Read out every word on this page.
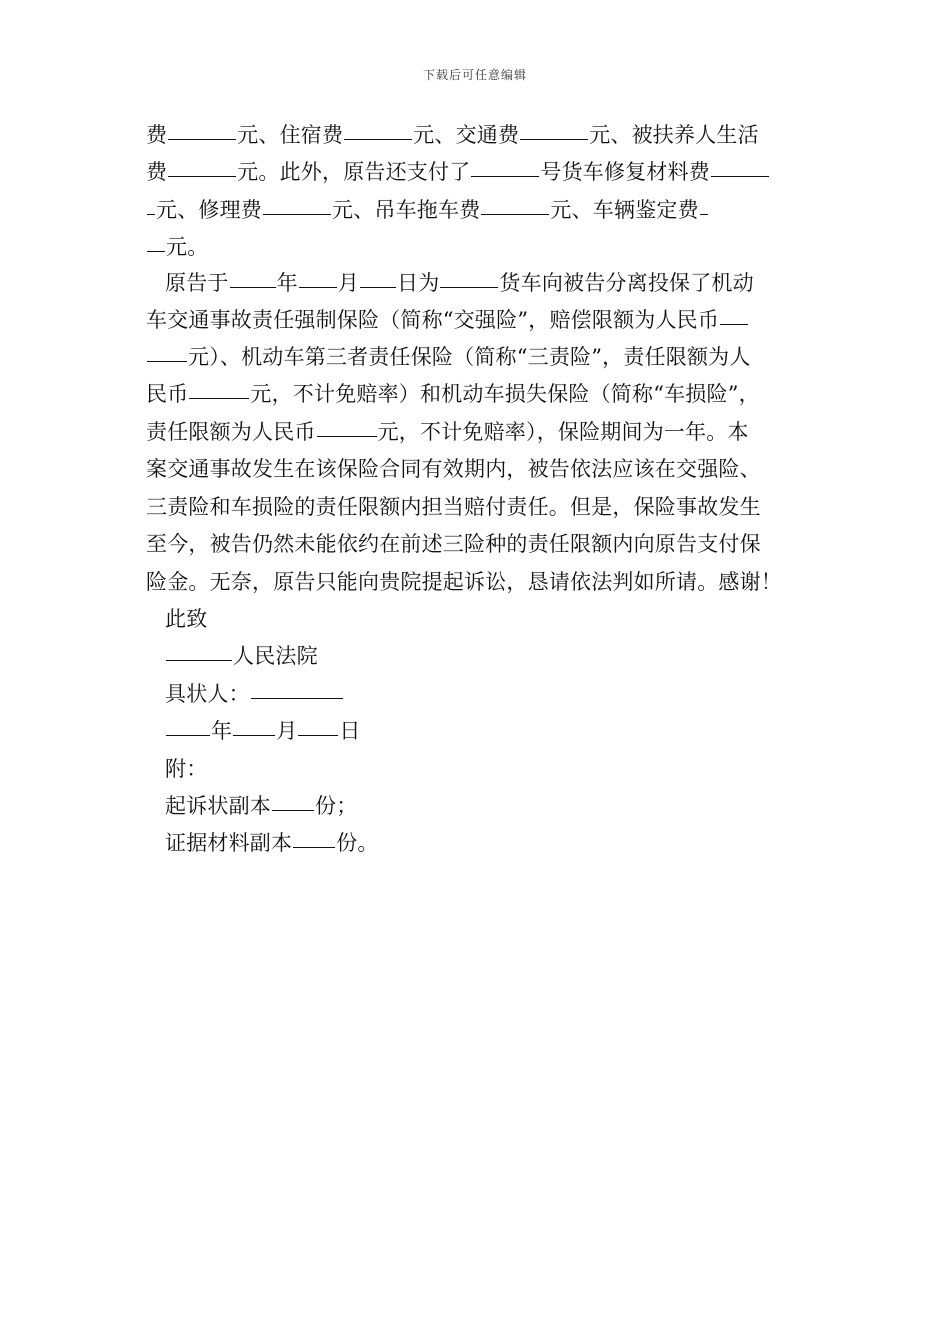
下载后可任意编辑
费	元、住宿费	元、交通费	元、被扶养人生活
费	元。此外，原告还支付了	号货车修复材料费
元、修理费	元、吊车拖车费	元、车辆鉴定费
元。
原告于 年 月 日为	货车向被告分离投保了机动
车交通事故责任强制保险（简称“交强险”，赔偿限额为人民币
元）、机动车第三者责任保险（简称“三责险”，责任限额为人
民币	元，不计免赔率）和机动车损失保险（简称“车损险”，
责任限额为人民币	元，不计免赔率），保险期间为一年。本
案交通事故发生在该保险合同有效期内，被告依法应该在交强险、
三责险和车损险的责任限额内担当赔付责任。但是，保险事故发生
至今，被告仍然未能依约在前述三险种的责任限额内向原告支付保
险金。无奈，原告只能向贵院提起诉讼，恳请依法判如所请。感谢！
此致
人民法院
具状人：
年 月 日
附：
起诉状副本 份；
证据材料副本 份。
